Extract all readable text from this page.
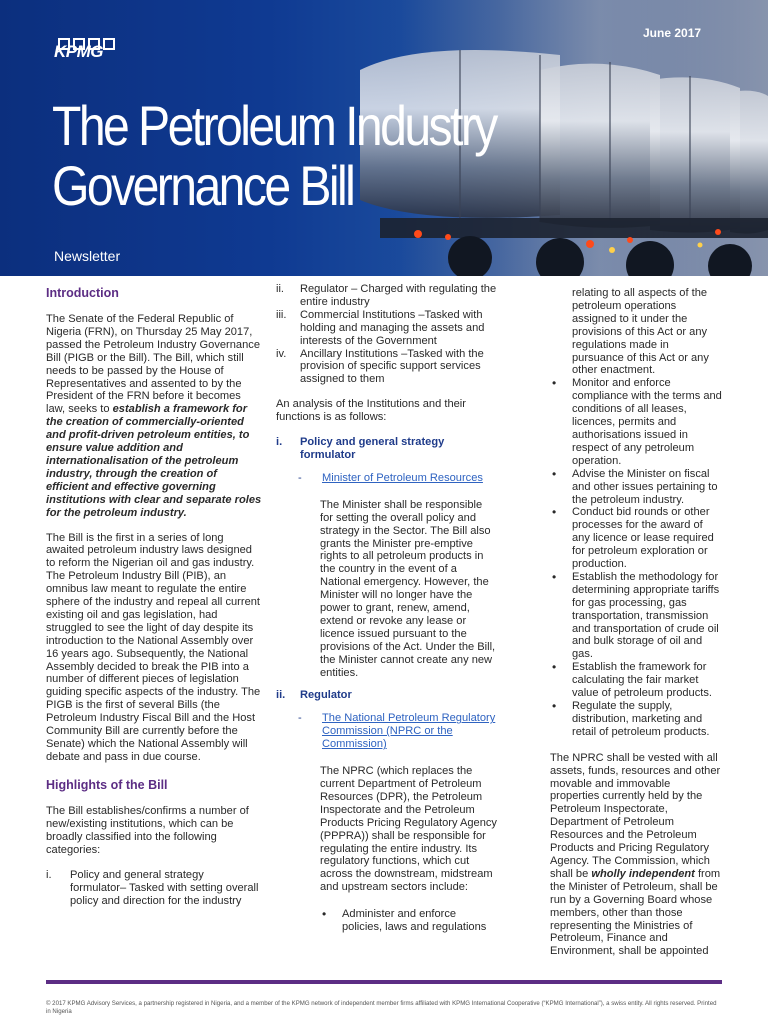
KPMG
June 2017
The Petroleum Industry
Governance Bill
Newsletter
Introduction

The Senate of the Federal Republic of Nigeria (FRN), on Thursday 25 May 2017, passed the Petroleum Industry Governance Bill (PIGB or the Bill). The Bill, which still needs to be passed by the House of Representatives and assented to by the President of the FRN before it becomes law, seeks to establish a framework for the creation of commercially-oriented and profit-driven petroleum entities, to ensure value addition and internationalisation of the petroleum industry, through the creation of efficient and effective governing institutions with clear and separate roles for the petroleum industry.

The Bill is the first in a series of long awaited petroleum industry laws designed to reform the Nigerian oil and gas industry. The Petroleum Industry Bill (PIB), an omnibus law meant to regulate the entire sphere of the industry and repeal all current existing oil and gas legislation, had struggled to see the light of day despite its introduction to the National Assembly over 16 years ago. Subsequently, the National Assembly decided to break the PIB into a number of different pieces of legislation guiding specific aspects of the industry. The PIGB is the first of several Bills (the Petroleum Industry Fiscal Bill and the Host Community Bill are currently before the Senate) which the National Assembly will debate and pass in due course.

Highlights of the Bill

The Bill establishes/confirms a number of new/existing institutions, which can be broadly classified into the following categories:

i.	Policy and general strategy formulator– Tasked with setting overall policy and direction for the industry
ii.	Regulator – Charged with regulating the entire industry
iii.	Commercial Institutions –Tasked with holding and managing the assets and interests of the Government
iv.	Ancillary Institutions –Tasked with the provision of specific support services assigned to them

An analysis of the Institutions and their functions is as follows:

i.	Policy and general strategy formulator
-	Minister of Petroleum Resources

The Minister shall be responsible for setting the overall policy and strategy in the Sector. The Bill also grants the Minister pre-emptive rights to all petroleum products in the country in the event of a National emergency. However, the Minister will no longer have the power to grant, renew, amend, extend or revoke any lease or licence issued pursuant to the provisions of the Act. Under the Bill, the Minister cannot create any new entities.

ii.	Regulator
-	The National Petroleum Regulatory Commission (NPRC or the Commission)

The NPRC (which replaces the current Department of Petroleum Resources (DPR), the Petroleum Inspectorate and the Petroleum Products Pricing Regulatory Agency (PPPRA)) shall be responsible for regulating the entire industry. Its regulatory functions, which cut across the downstream, midstream and upstream sectors include:

• Administer and enforce policies, laws and regulations

relating to all aspects of the petroleum operations assigned to it under the provisions of this Act or any regulations made in pursuance of this Act or any other enactment.

• Monitor and enforce compliance with the terms and conditions of all leases, licences, permits and authorisations issued in respect of any petroleum operation.
• Advise the Minister on fiscal and other issues pertaining to the petroleum industry.
• Conduct bid rounds or other processes for the award of any licence or lease required for petroleum exploration or production.
• Establish the methodology for determining appropriate tariffs for gas processing, gas transportation, transmission and transportation of crude oil and bulk storage of oil and gas.
• Establish the framework for calculating the fair market value of petroleum products.
• Regulate the supply, distribution, marketing and retail of petroleum products.

The NPRC shall be vested with all assets, funds, resources and other movable and immovable properties currently held by the Petroleum Inspectorate, Department of Petroleum Resources and the Petroleum Products and Pricing Regulatory Agency. The Commission, which shall be wholly independent from the Minister of Petroleum, shall be run by a Governing Board whose members, other than those representing the Ministries of Petroleum, Finance and Environment, shall be appointed

© 2017 KPMG Advisory Services, a partnership registered in Nigeria, and a member of the KPMG network of independent member firms affiliated with KPMG International Cooperative (“KPMG International”), a swiss entity. All rights reserved. Printed in Nigeria
